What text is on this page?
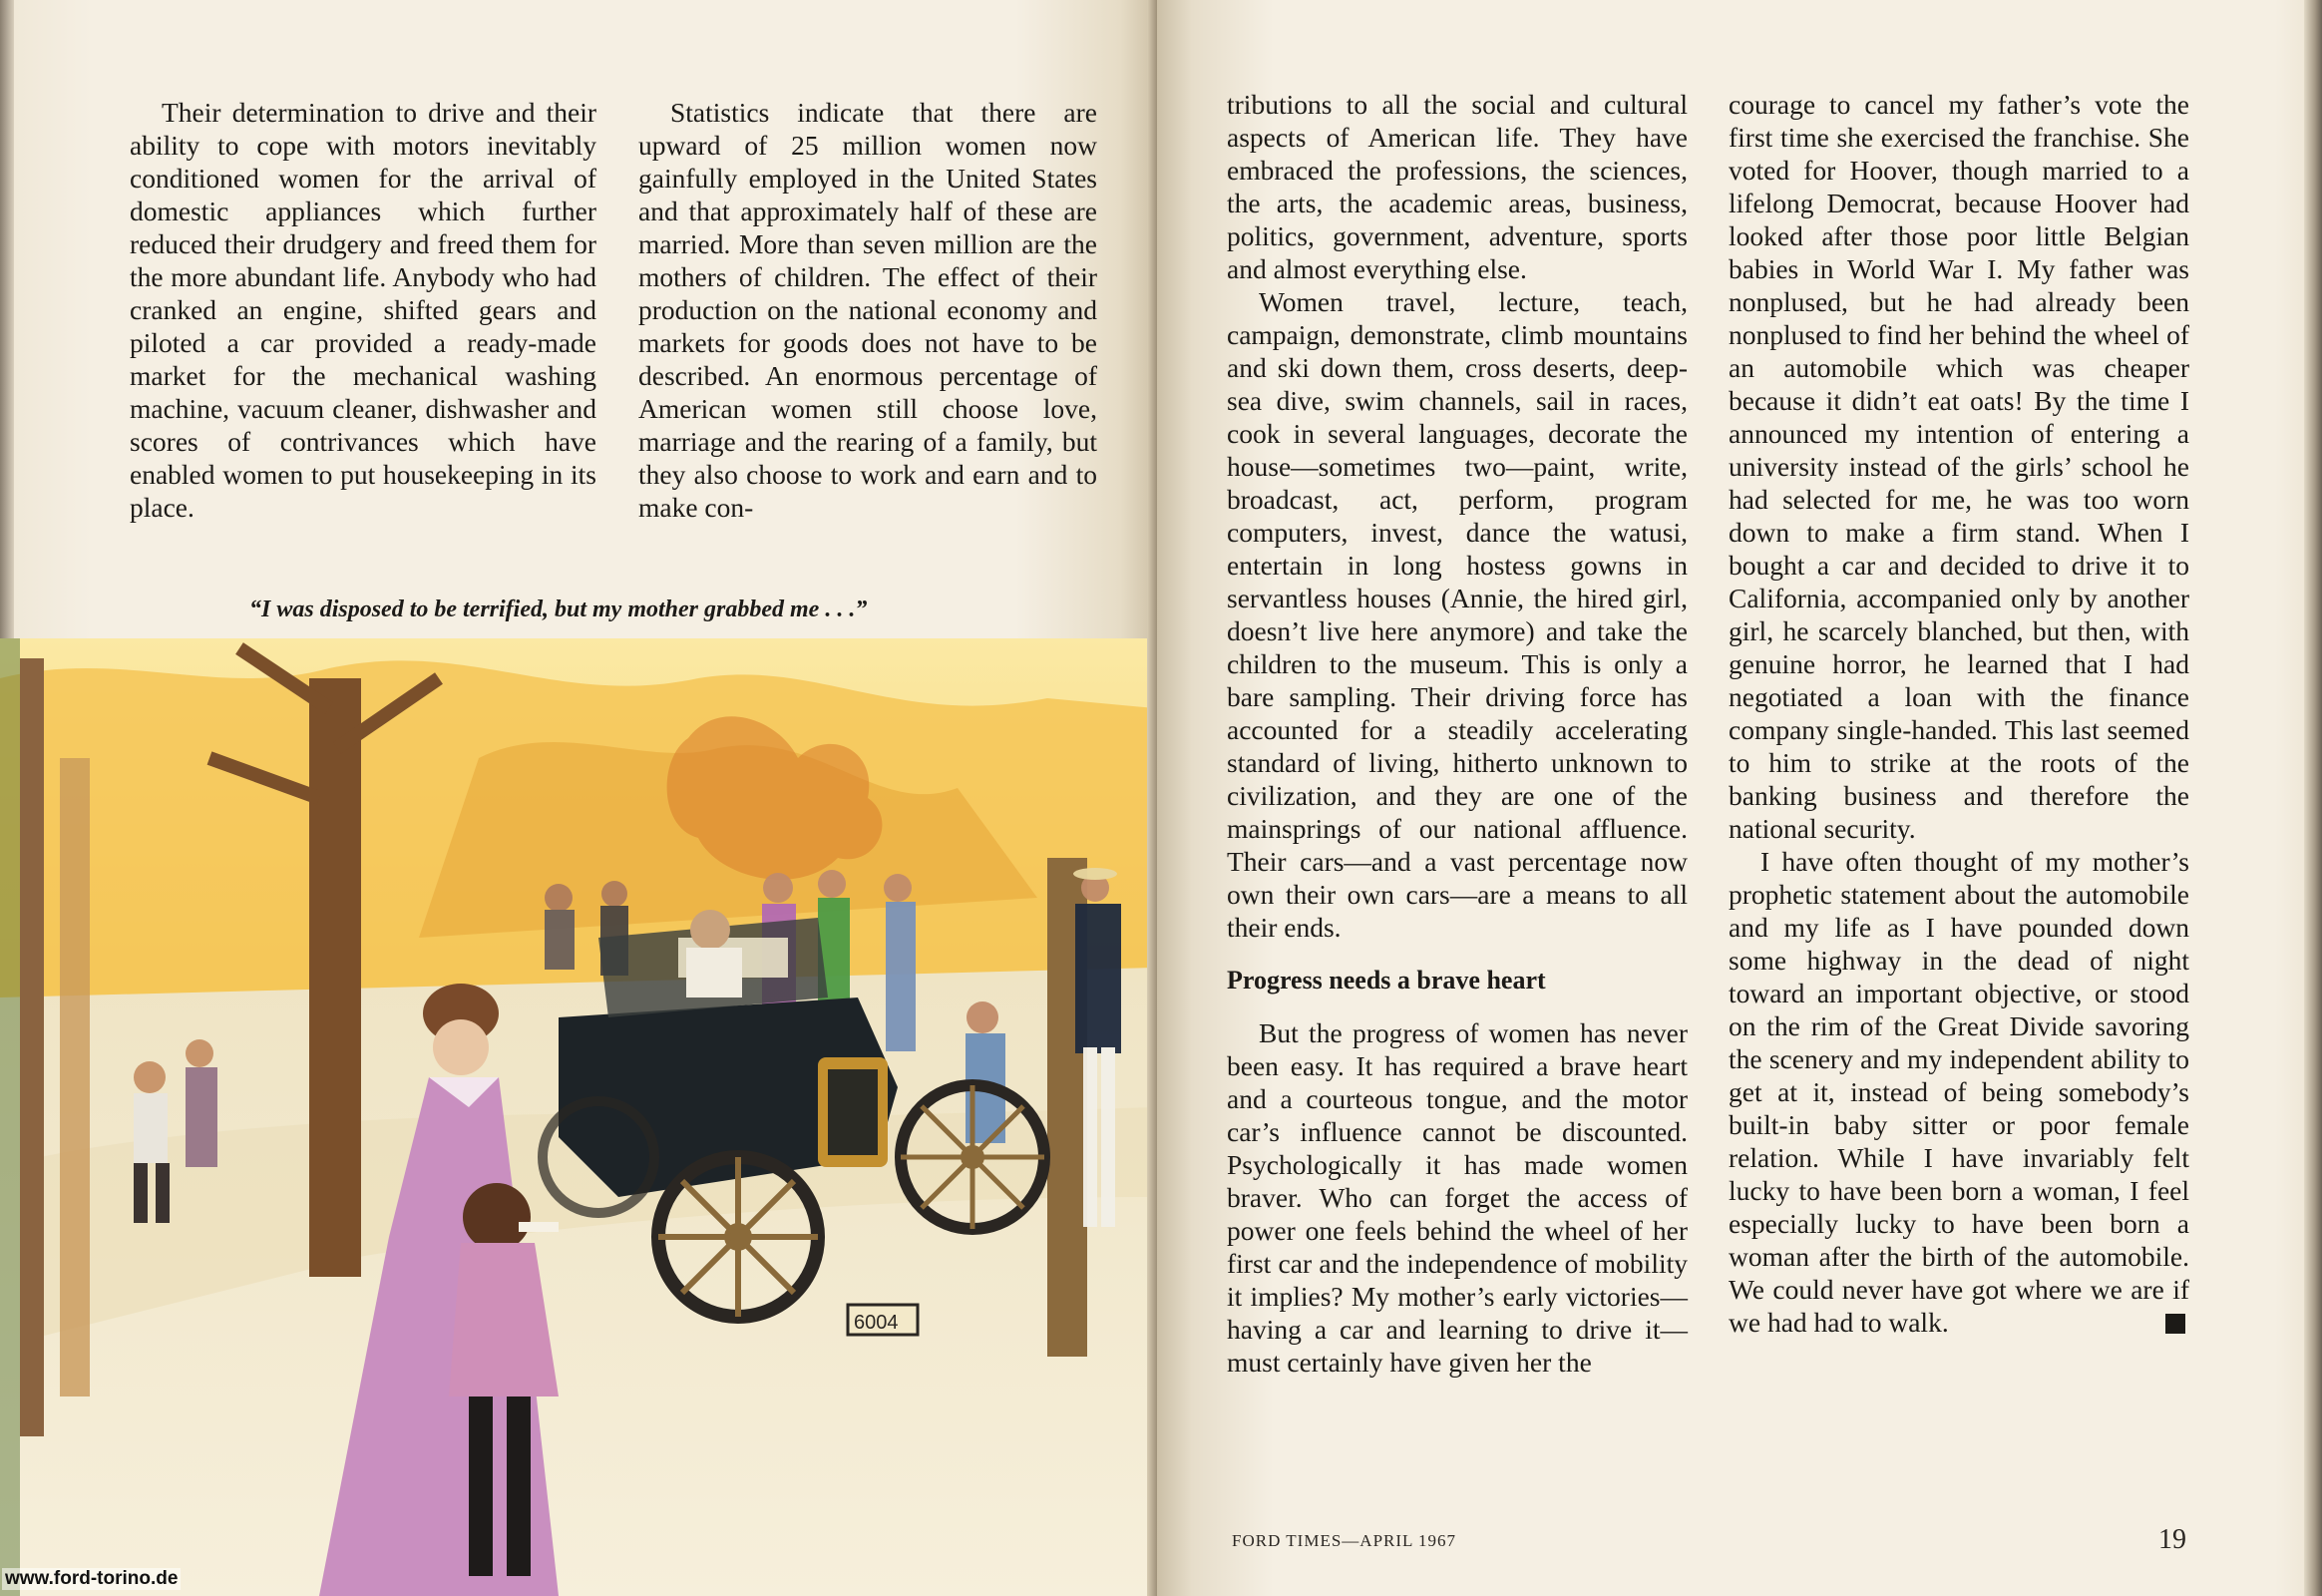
Their determination to drive and their ability to cope with motors inevitably conditioned women for the arrival of domestic appliances which further reduced their drudgery and freed them for the more abundant life. Anybody who had cranked an engine, shifted gears and piloted a car provided a ready-made market for the mechanical washing machine, vacuum cleaner, dishwasher and scores of contrivances which have enabled women to put housekeeping in its place.

Statistics indicate that there are upward of 25 million women now gainfully employed in the United States and that approximately half of these are married. More than seven million are the mothers of children. The effect of their production on the national economy and markets for goods does not have to be described. An enormous percentage of American women still choose love, marriage and the rearing of a family, but they also choose to work and earn and to make con-

“I was disposed to be terrified, but my mother grabbed me . . .”
6004

tributions to all the social and cultural aspects of American life. They have embraced the professions, the sciences, the arts, the academic areas, business, politics, government, adventure, sports and almost everything else.

Women travel, lecture, teach, campaign, demonstrate, climb mountains and ski down them, cross deserts, deep-sea dive, swim channels, sail in races, cook in several languages, decorate the house—sometimes two—paint, write, broadcast, act, perform, program computers, invest, dance the watusi, entertain in long hostess gowns in servantless houses (Annie, the hired girl, doesn’t live here anymore) and take the children to the museum. This is only a bare sampling. Their driving force has accounted for a steadily accelerating standard of living, hitherto unknown to civilization, and they are one of the mainsprings of our national affluence. Their cars—and a vast percentage now own their own cars—are a means to all their ends.

Progress needs a brave heart

But the progress of women has never been easy. It has required a brave heart and a courteous tongue, and the motor car’s influence cannot be discounted. Psychologically it has made women braver. Who can forget the access of power one feels behind the wheel of her first car and the independence of mobility it implies? My mother’s early victories—having a car and learning to drive it—must certainly have given her the

courage to cancel my father’s vote the first time she exercised the franchise. She voted for Hoover, though married to a lifelong Democrat, because Hoover had looked after those poor little Belgian babies in World War I. My father was nonplused, but he had already been nonplused to find her behind the wheel of an automobile which was cheaper because it didn’t eat oats! By the time I announced my intention of entering a university instead of the girls’ school he had selected for me, he was too worn down to make a firm stand. When I bought a car and decided to drive it to California, accompanied only by another girl, he scarcely blanched, but then, with genuine horror, he learned that I had negotiated a loan with the finance company single-handed. This last seemed to him to strike at the roots of the banking business and therefore the national security.

I have often thought of my mother’s prophetic statement about the automobile and my life as I have pounded down some highway in the dead of night toward an important objective, or stood on the rim of the Great Divide savoring the scenery and my independent ability to get at it, instead of being somebody’s built-in baby sitter or poor female relation. While I have invariably felt lucky to have been born a woman, I feel especially lucky to have been born a woman after the birth of the automobile. We could never have got where we are if we had had to walk.

FORD TIMES—APRIL 1967	19
www.ford-torino.de
